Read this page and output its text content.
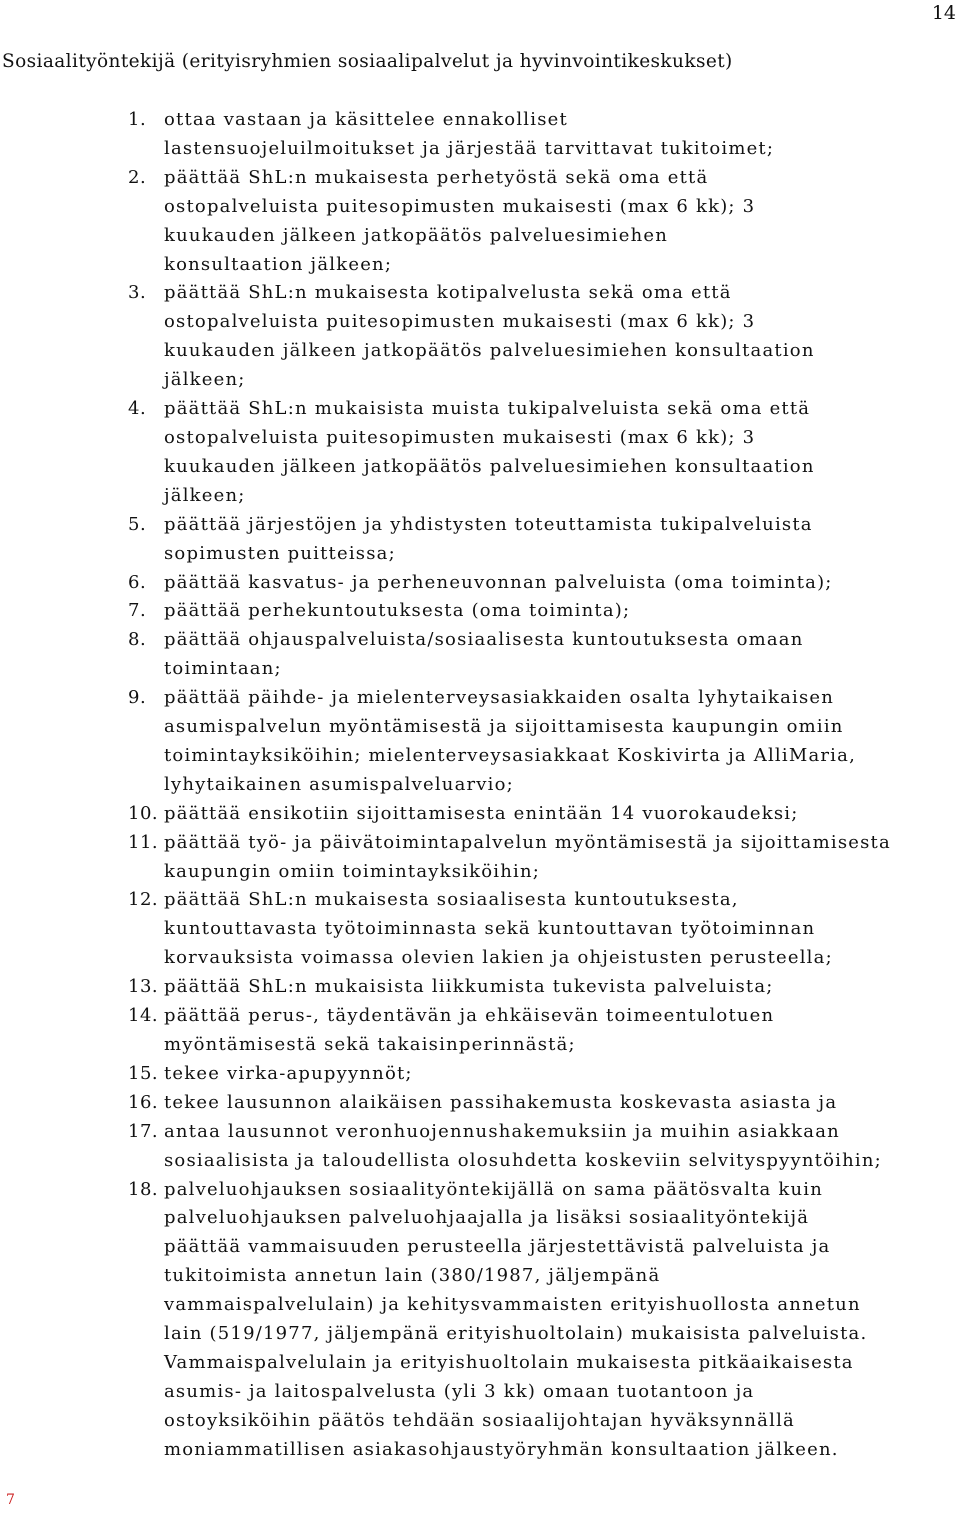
14
Sosiaalityöntekijä (erityisryhmien sosiaalipalvelut ja hyvinvointikeskukset)
1. ottaa vastaan ja käsittelee ennakolliset
lastensuojeluilmoitukset ja järjestää tarvittavat tukitoimet;
2. päättää ShL:n mukaisesta perhetyöstä sekä oma että
ostopalveluista puitesopimusten mukaisesti (max 6 kk); 3
kuukauden jälkeen jatkopäätös palveluesimiehen
konsultaation jälkeen;
3. päättää ShL:n mukaisesta kotipalvelusta sekä oma että
ostopalveluista puitesopimusten mukaisesti (max 6 kk); 3
kuukauden jälkeen jatkopäätös palveluesimiehen konsultaation
jälkeen;
4. päättää ShL:n mukaisista muista tukipalveluista sekä oma että
ostopalveluista puitesopimusten mukaisesti (max 6 kk); 3
kuukauden jälkeen jatkopäätös palveluesimiehen konsultaation
jälkeen;
5. päättää järjestöjen ja yhdistysten toteuttamista tukipalveluista
sopimusten puitteissa;
6. päättää kasvatus- ja perheneuvonnan palveluista (oma toiminta);
7. päättää perhekuntoutuksesta (oma toiminta);
8. päättää ohjauspalveluista/sosiaalisesta kuntoutuksesta omaan
toimintaan;
9. päättää päihde- ja mielenterveysasiakkaiden osalta lyhytaikaisen
asumispalvelun myöntämisestä ja sijoittamisesta kaupungin omiin
toimintayksiköihin; mielenterveysasiakkaat Koskivirta ja AlliMaria,
lyhytaikainen asumispalveluarvio;
10. päättää ensikotiin sijoittamisesta enintään 14 vuorokaudeksi;
11. päättää työ- ja päivätoimintapalvelun myöntämisestä ja sijoittamisesta
kaupungin omiin toimintayksiköihin;
12. päättää ShL:n mukaisesta sosiaalisesta kuntoutuksesta,
kuntouttavasta työtoiminnasta sekä kuntouttavan työtoiminnan
korvauksista voimassa olevien lakien ja ohjeistusten perusteella;
13. päättää ShL:n mukaisista liikkumista tukevista palveluista;
14. päättää perus-, täydentävän ja ehkäisevän toimeentulotuen
myöntämisestä sekä takaisinperinnästä;
15. tekee virka-apupyynnöt;
16. tekee lausunnon alaikäisen passihakemusta koskevasta asiasta ja
17. antaa lausunnot veronhuojennushakemuksiin ja muihin asiakkaan
sosiaalisista ja taloudellista olosuhdetta koskeviin selvityspyyntöihin;
18. palveluohjauksen sosiaalityöntekijällä on sama päätösvalta kuin
palveluohjauksen palveluohjaajalla ja lisäksi sosiaalityöntekijä
päättää vammaisuuden perusteella järjestettävistä palveluista ja
tukitoimista annetun lain (380/1987, jäljempänä
vammaispalvelulain) ja kehitysvammaisten erityishuollosta annetun
lain (519/1977, jäljempänä erityishuoltolain) mukaisista palveluista.
Vammaispalvelulain ja erityishuoltolain mukaisesta pitkäaikaisesta
asumis- ja laitospalvelusta (yli 3 kk) omaan tuotantoon ja
ostoyksiköihin päätös tehdään sosiaalijohtajan hyväksynnällä
moniammatillisen asiakasohjaustyöryhmän konsultaation jälkeen.
7
